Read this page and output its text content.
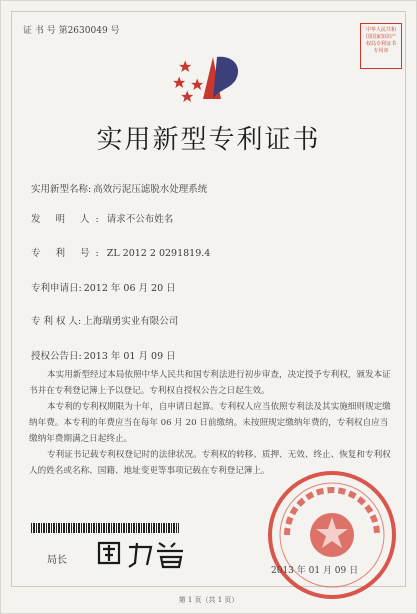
证 书 号 第2630049 号	中华人民共和国国家知识产权局专利证书专用章
实用新型专利证书
实用新型名称: 高效污泥压滤脱水处理系统
发 明 人: 请求不公布姓名
专 利 号: ZL 2012 2 0291819.4
专利申请日: 2012 年 06 月 20 日
专 利 权 人: 上海瑞勇实业有限公司
授权公告日: 2013 年 01 月 09 日

本实用新型经过本局依照中华人民共和国专利法进行初步审查，决定授予专利权，颁发本证书并在专利登记簿上予以登记。专利权自授权公告之日起生效。

本专利的专利权期限为十年，自申请日起算。专利权人应当依照专利法及其实施细则规定缴纳年费。本专利的年费应当在每年 06 月 20 日前缴纳。未按照规定缴纳年费的，专利权自应当缴纳年费期满之日起终止。

专利证书记载专利权登记时的法律状况。专利权的转移、质押、无效、终止、恢复和专利权人的姓名或名称、国籍、地址变更等事项记载在专利登记簿上。

局长
2013 年 01 月 09 日
第 1 页（共 1 页）
